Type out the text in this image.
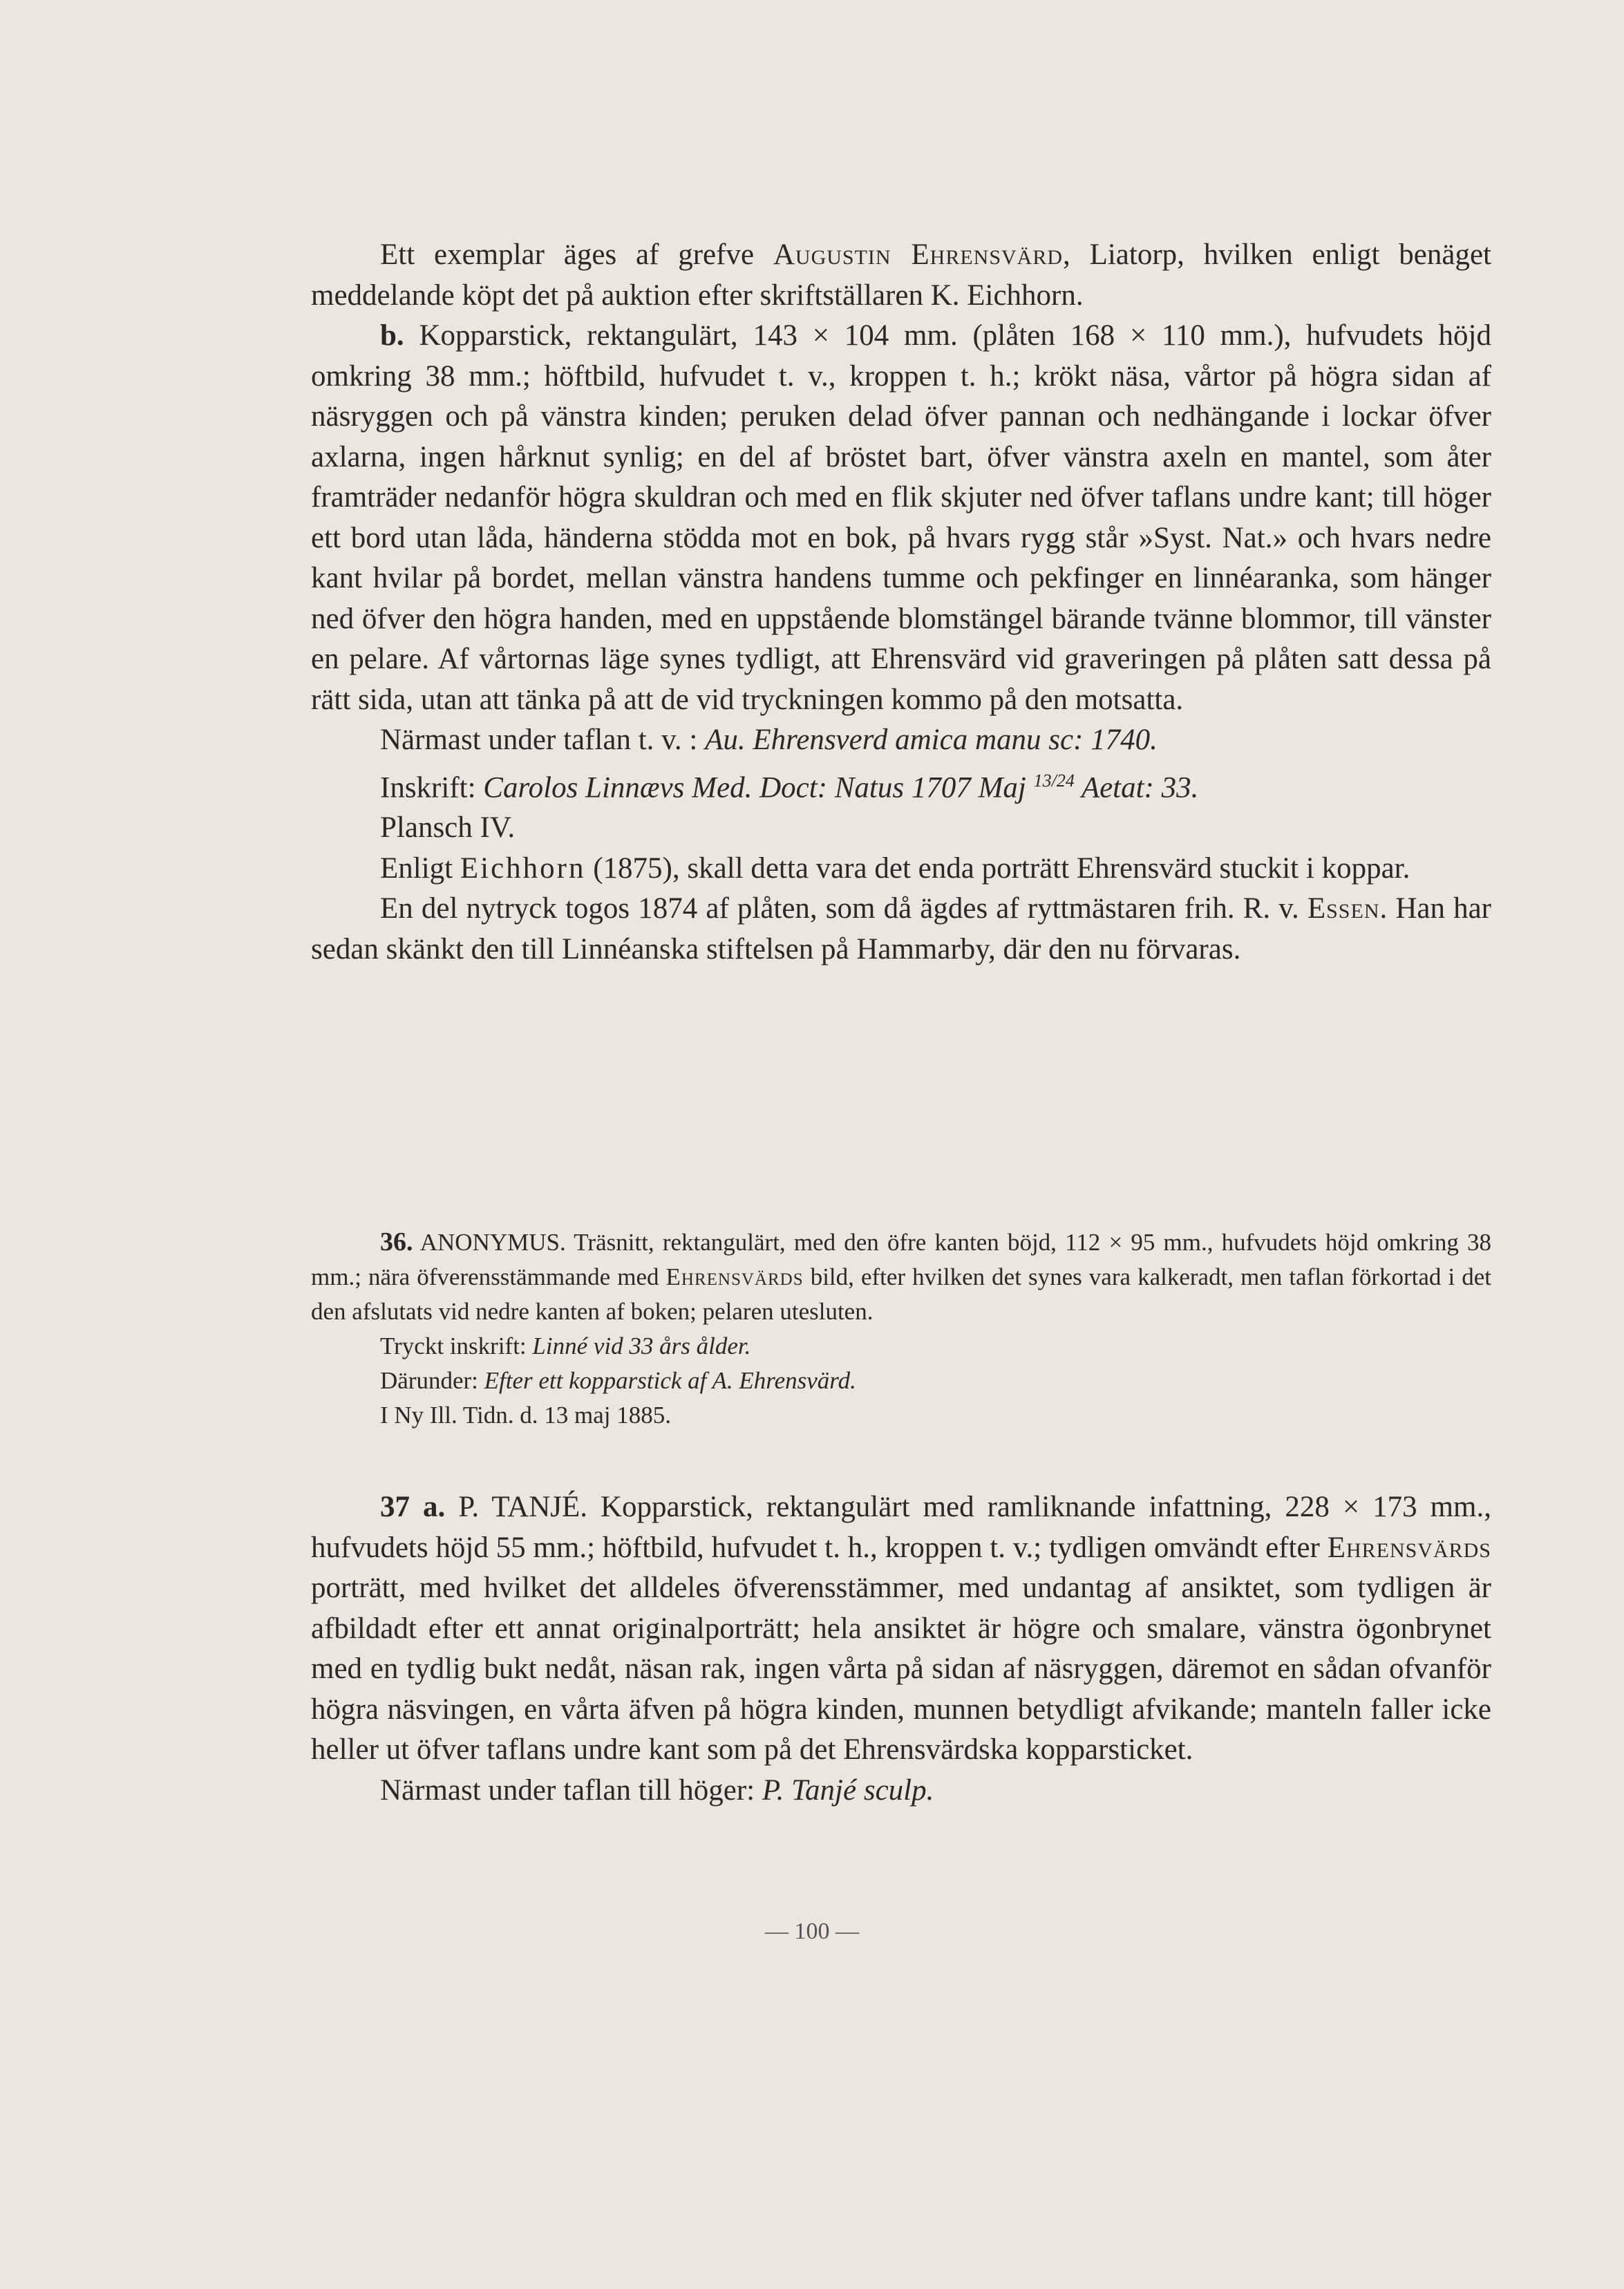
Ett exemplar äges af grefve Augustin Ehrensvärd, Liatorp, hvilken enligt benäget meddelande köpt det på auktion efter skriftställaren K. Eichhorn.
b. Kopparstick, rektangulärt, 143 × 104 mm. (plåten 168 × 110 mm.), hufvudets höjd omkring 38 mm.; höftbild, hufvudet t. v., kroppen t. h.; krökt näsa, vårtor på högra sidan af näsryggen och på vänstra kinden; peruken delad öfver pannan och nedhängande i lockar öfver axlarna, ingen hårknut synlig; en del af bröstet bart, öfver vänstra axeln en mantel, som åter framträder nedanför högra skuldran och med en flik skjuter ned öfver taflans undre kant; till höger ett bord utan låda, händerna stödda mot en bok, på hvars rygg står »Syst. Nat.» och hvars nedre kant hvilar på bordet, mellan vänstra handens tumme och pekfinger en linnéaranka, som hänger ned öfver den högra handen, med en uppstående blomstängel bärande tvänne blommor, till vänster en pelare. Af vårtornas läge synes tydligt, att Ehrensvärd vid graveringen på plåten satt dessa på rätt sida, utan att tänka på att de vid tryckningen kommo på den motsatta.
Närmast under taflan t. v. : Au. Ehrensverd amica manu sc: 1740.
Inskrift: Carolos Linnævs Med. Doct: Natus 1707 Maj $^{13/24}$ Aetat: 33.
Plansch IV.
Enligt Eichhorn (1875), skall detta vara det enda porträtt Ehrensvärd stuckit i koppar.
En del nytryck togos 1874 af plåten, som då ägdes af ryttmästaren frih. R. v. Essen. Han har sedan skänkt den till Linnéanska stiftelsen på Hammarby, där den nu förvaras.
36. ANONYMUS. Träsnitt, rektangulärt, med den öfre kanten böjd, 112 × 95 mm., hufvudets höjd omkring 38 mm.; nära öfverensstämmande med Ehrensvärds bild, efter hvilken det synes vara kalkeradt, men taflan förkortad i det den afslutats vid nedre kanten af boken; pelaren utesluten.
Tryckt inskrift: Linné vid 33 års ålder.
Därunder: Efter ett kopparstick af A. Ehrensvärd.
I Ny Ill. Tidn. d. 13 maj 1885.
37 a. P. TANJÉ. Kopparstick, rektangulärt med ramliknande infattning, 228 × 173 mm., hufvudets höjd 55 mm.; höftbild, hufvudet t. h., kroppen t. v.; tydligen omvändt efter Ehrensvärds porträtt, med hvilket det alldeles öfverensstämmer, med undantag af ansiktet, som tydligen är afbildadt efter ett annat originalporträtt; hela ansiktet är högre och smalare, vänstra ögonbrynet med en tydlig bukt nedåt, näsan rak, ingen vårta på sidan af näsryggen, däremot en sådan ofvanför högra näsvingen, en vårta äfven på högra kinden, munnen betydligt afvikande; manteln faller icke heller ut öfver taflans undre kant som på det Ehrensvärdska kopparsticket.
Närmast under taflan till höger: P. Tanjé sculp.
— 100 —
